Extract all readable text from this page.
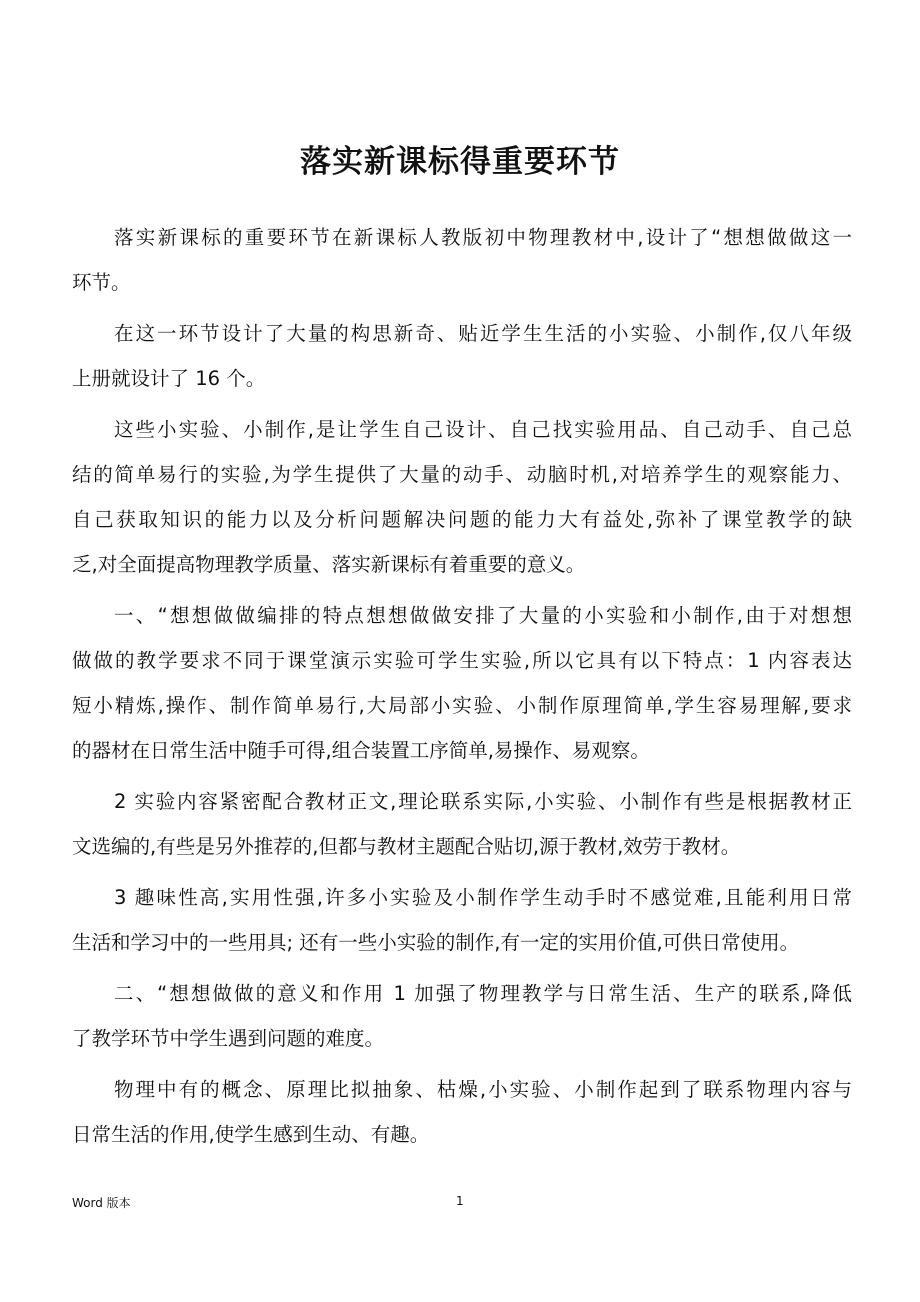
落实新课标得重要环节
落实新课标的重要环节在新课标人教版初中物理教材中,设计了“想想做做这一
环节。
在这一环节设计了大量的构思新奇、贴近学生生活的小实验、小制作,仅八年级
上册就设计了 16 个。
这些小实验、小制作,是让学生自己设计、自己找实验用品、自己动手、自己总
结的简单易行的实验,为学生提供了大量的动手、动脑时机,对培养学生的观察能力、
自己获取知识的能力以及分析问题解决问题的能力大有益处,弥补了课堂教学的缺
乏,对全面提高物理教学质量、落实新课标有着重要的意义。
一、“想想做做编排的特点想想做做安排了大量的小实验和小制作,由于对想想
做做的教学要求不同于课堂演示实验可学生实验,所以它具有以下特点：1 内容表达
短小精炼,操作、制作简单易行,大局部小实验、小制作原理简单,学生容易理解,要求
的器材在日常生活中随手可得,组合装置工序简单,易操作、易观察。
2 实验内容紧密配合教材正文,理论联系实际,小实验、小制作有些是根据教材正
文选编的,有些是另外推荐的,但都与教材主题配合贴切,源于教材,效劳于教材。
3 趣味性高,实用性强,许多小实验及小制作学生动手时不感觉难,且能利用日常
生活和学习中的一些用具; 还有一些小实验的制作,有一定的实用价值,可供日常使用。
二、“想想做做的意义和作用 1 加强了物理教学与日常生活、生产的联系,降低
了教学环节中学生遇到问题的难度。
物理中有的概念、原理比拟抽象、枯燥,小实验、小制作起到了联系物理内容与
日常生活的作用,使学生感到生动、有趣。
Word 版本	1
